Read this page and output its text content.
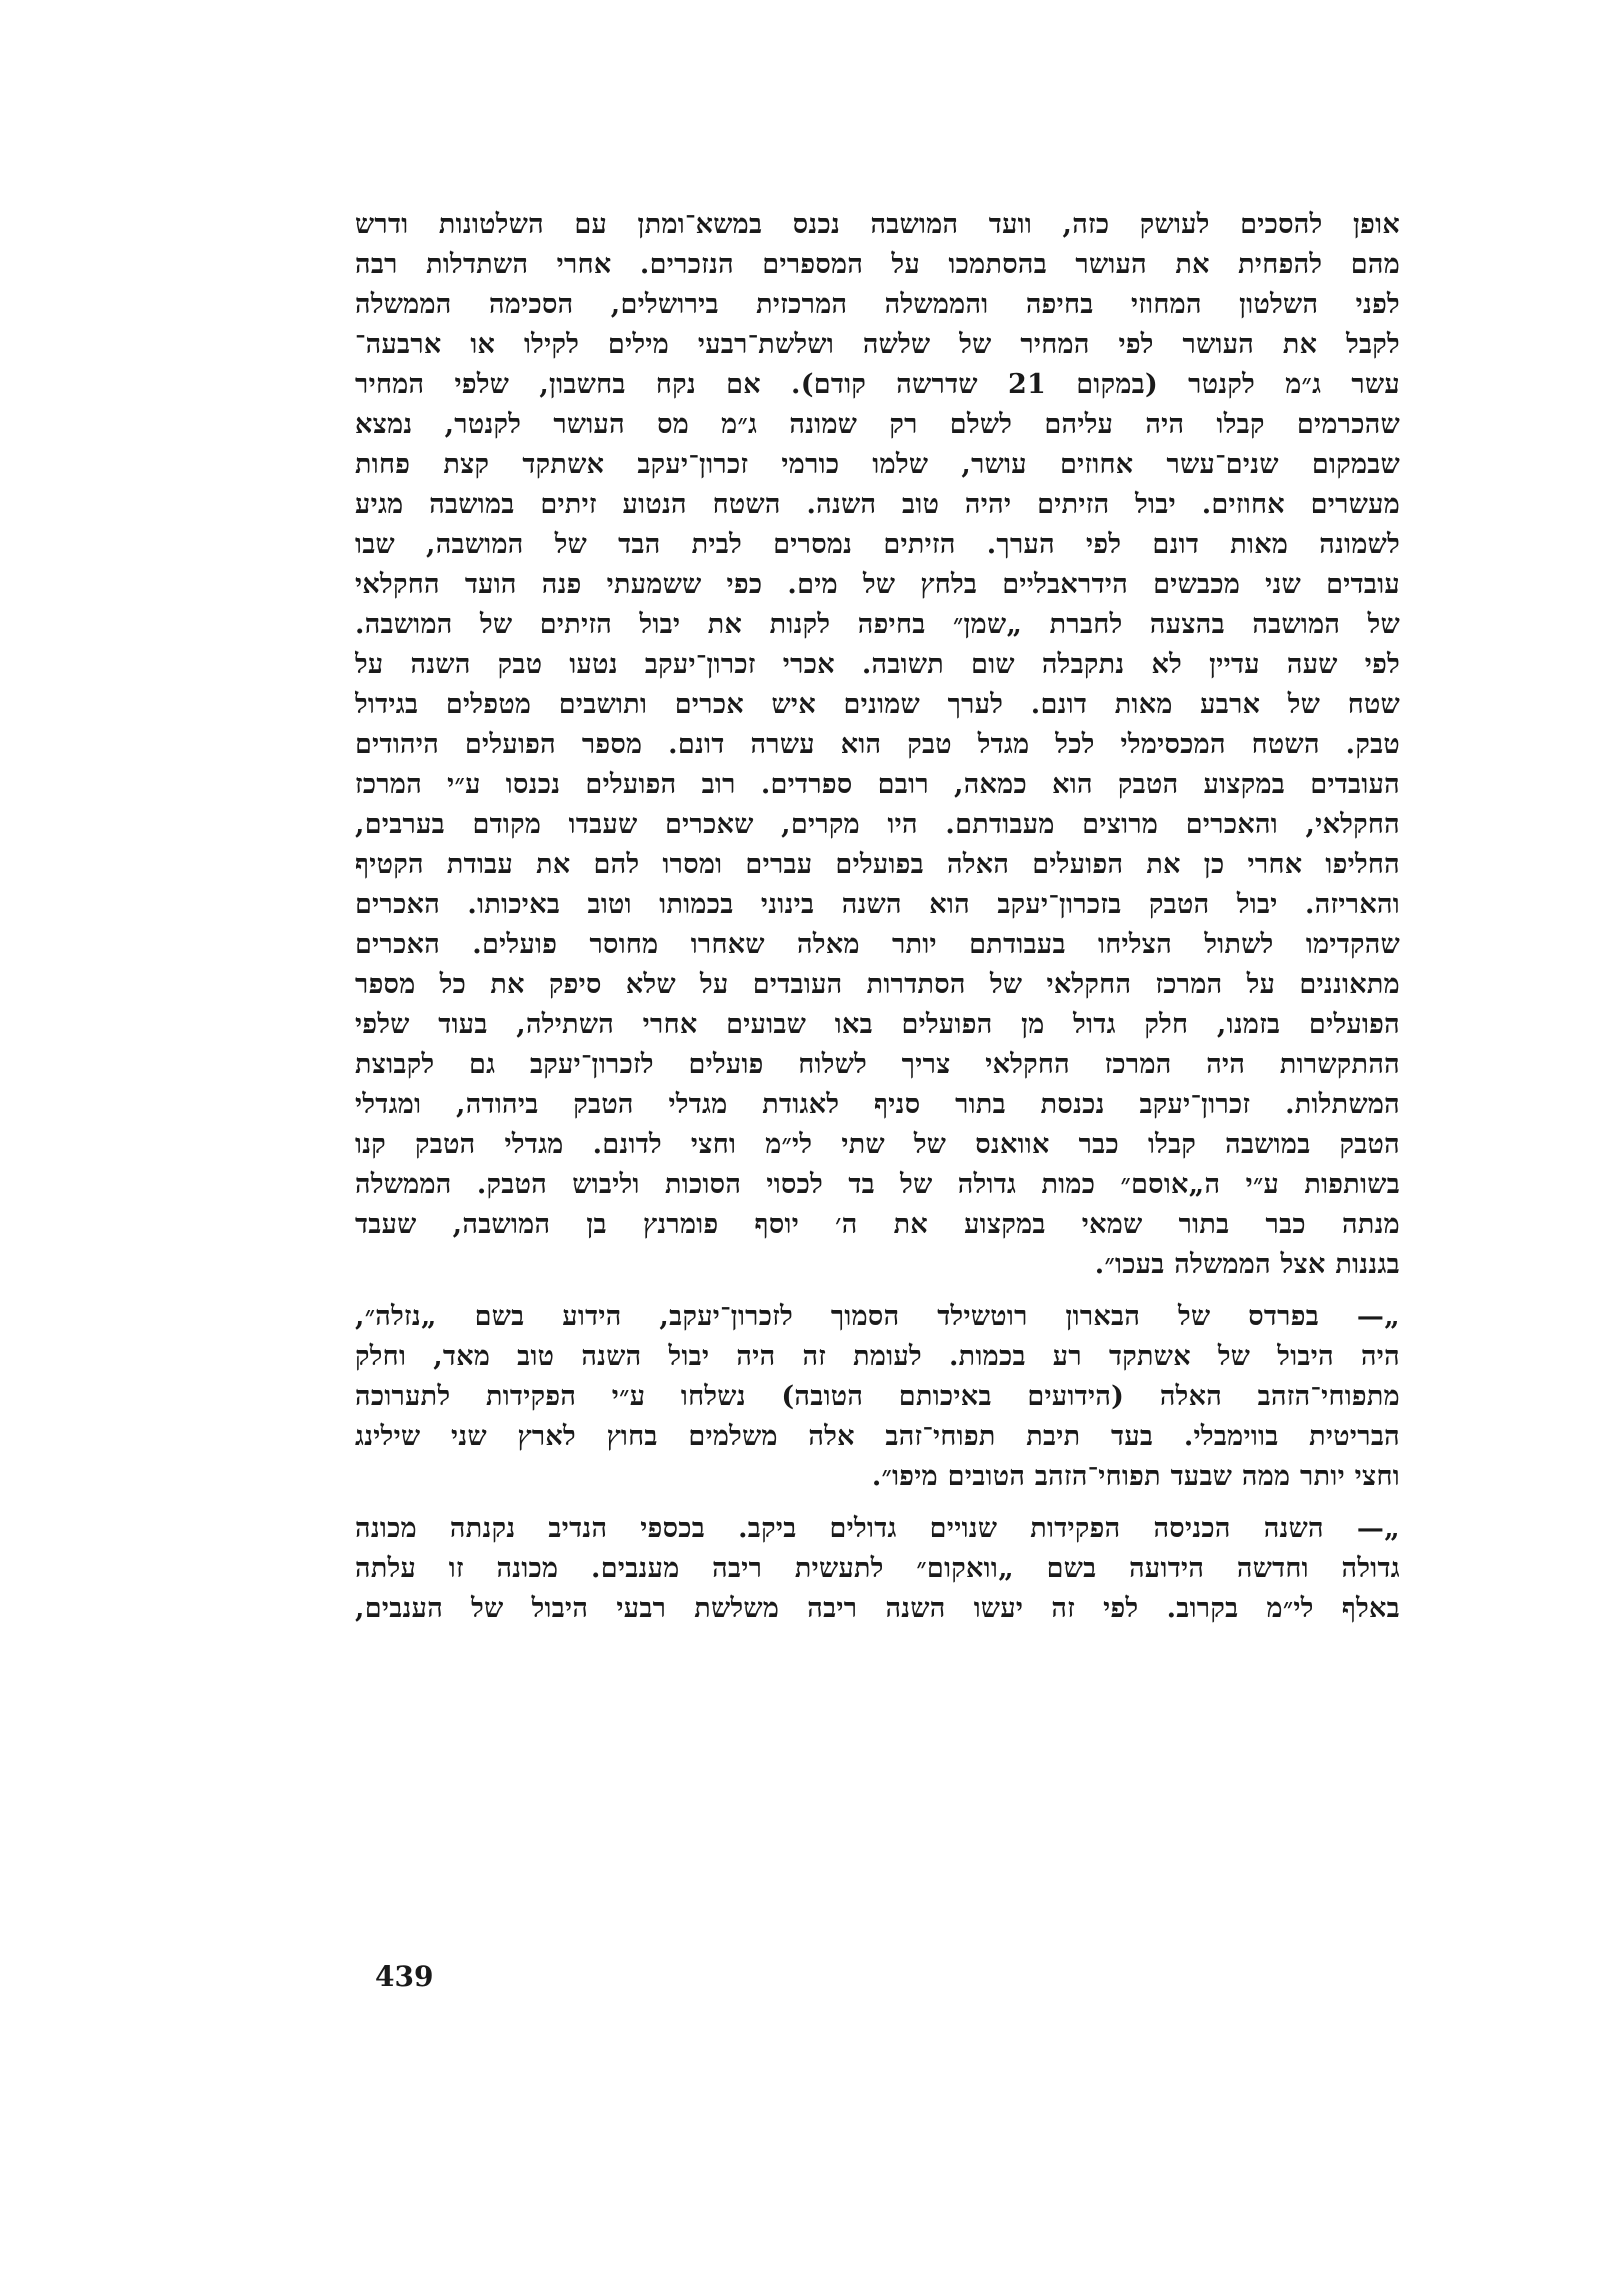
אופן להסכים לעושק כזה, וועד המושבה נכנס במשא־ומתן עם השלטונות ודרש
מהם להפחית את העושר בהסתמכו על המספרים הנזכרים. אחרי השתדלות רבה
לפני השלטון המחוזי בחיפה והממשלה המרכזית בירושלים, הסכימה הממשלה
לקבל את העושר לפי המחיר של שלשה ושלשת־רבעי מילים לקילו או ארבעה־
עשר ג״מ לקנטר (במקום 21 שדרשה קודם). אם נקח בחשבון, שלפי המחיר
שהכרמים קבלו היה עליהם לשלם רק שמונה ג״מ מס העושר לקנטר, נמצא
שבמקום שנים־עשר אחוזים עושר, שלמו כורמי זכרון־יעקב אשתקד קצת פחות
מעשרים אחוזים. יבול הזיתים יהיה טוב השנה. השטח הנטוע זיתים במושבה מגיע
לשמונה מאות דונם לפי הערך. הזיתים נמסרים לבית הבד של המושבה, שבו
עובדים שני מכבשים הידראבליים בלחץ של מים. כפי ששמעתי פנה הועד החקלאי
של המושבה בהצעה לחברת „שמן״ בחיפה לקנות את יבול הזיתים של המושבה.
לפי שעה עדיין לא נתקבלה שום תשובה. אכרי זכרון־יעקב נטעו טבק השנה על
שטח של ארבע מאות דונם. לערך שמונים איש אכרים ותושבים מטפלים בגידול
טבק. השטח המכסימלי לכל מגדל טבק הוא עשרה דונם. מספר הפועלים היהודים
העובדים במקצוע הטבק הוא כמאה, רובם ספרדים. רוב הפועלים נכנסו ע״י המרכז
החקלאי, והאכרים מרוצים מעבודתם. היו מקרים, שאכרים שעבדו מקודם בערבים,
החליפו אחרי כן את הפועלים האלה בפועלים עברים ומסרו להם את עבודת הקטיף
והאריזה. יבול הטבק בזכרון־יעקב הוא השנה בינוני בכמותו וטוב באיכותו. האכרים
שהקדימו לשתול הצליחו בעבודתם יותר מאלה שאחרו מחוסר פועלים. האכרים
מתאוננים על המרכז החקלאי של הסתדרות העובדים על שלא סיפק את כל מספר
הפועלים בזמנו, חלק גדול מן הפועלים באו שבועים אחרי השתילה, בעוד שלפי
ההתקשרות היה המרכז החקלאי צריך לשלוח פועלים לזכרון־יעקב גם לקבוצת
המשתלות. זכרון־יעקב נכנסת בתור סניף לאגודת מגדלי הטבק ביהודה, ומגדלי
הטבק במושבה קבלו כבר אוואנס של שתי לי״מ וחצי לדונם. מגדלי הטבק קנו
בשותפות ע״י ה„אוסם״ כמות גדולה של בד לכסוי הסוכות וליבוש הטבק. הממשלה
מנתה כבר בתור שמאי במקצוע את ה׳ יוסף פומרנץ בן המושבה, שעבד
בגננות אצל הממשלה בעכו״.
„— בפרדס של הבארון רוטשילד הסמוך לזכרון־יעקב, הידוע בשם „נזלה״,
היה היבול של אשתקד רע בכמות. לעומת זה היה יבול השנה טוב מאד, וחלק
מתפוחי־הזהב האלה (הידועים באיכותם הטובה) נשלחו ע״י הפקידות לתערוכה
הבריטית בווימבלי. בעד תיבת תפוחי־זהב אלה משלמים בחוץ לארץ שני שילינג
וחצי יותר ממה שבעד תפוחי־הזהב הטובים מיפו״.
„— השנה הכניסה הפקידות שנויים גדולים ביקב. בכספי הנדיב נקנתה מכונה
גדולה וחדשה הידועה בשם „וואקום״ לתעשית ריבה מענבים. מכונה זו עלתה
באלף לי״מ בקרוב. לפי זה יעשו השנה ריבה משלשת רבעי היבול של הענבים,
439
